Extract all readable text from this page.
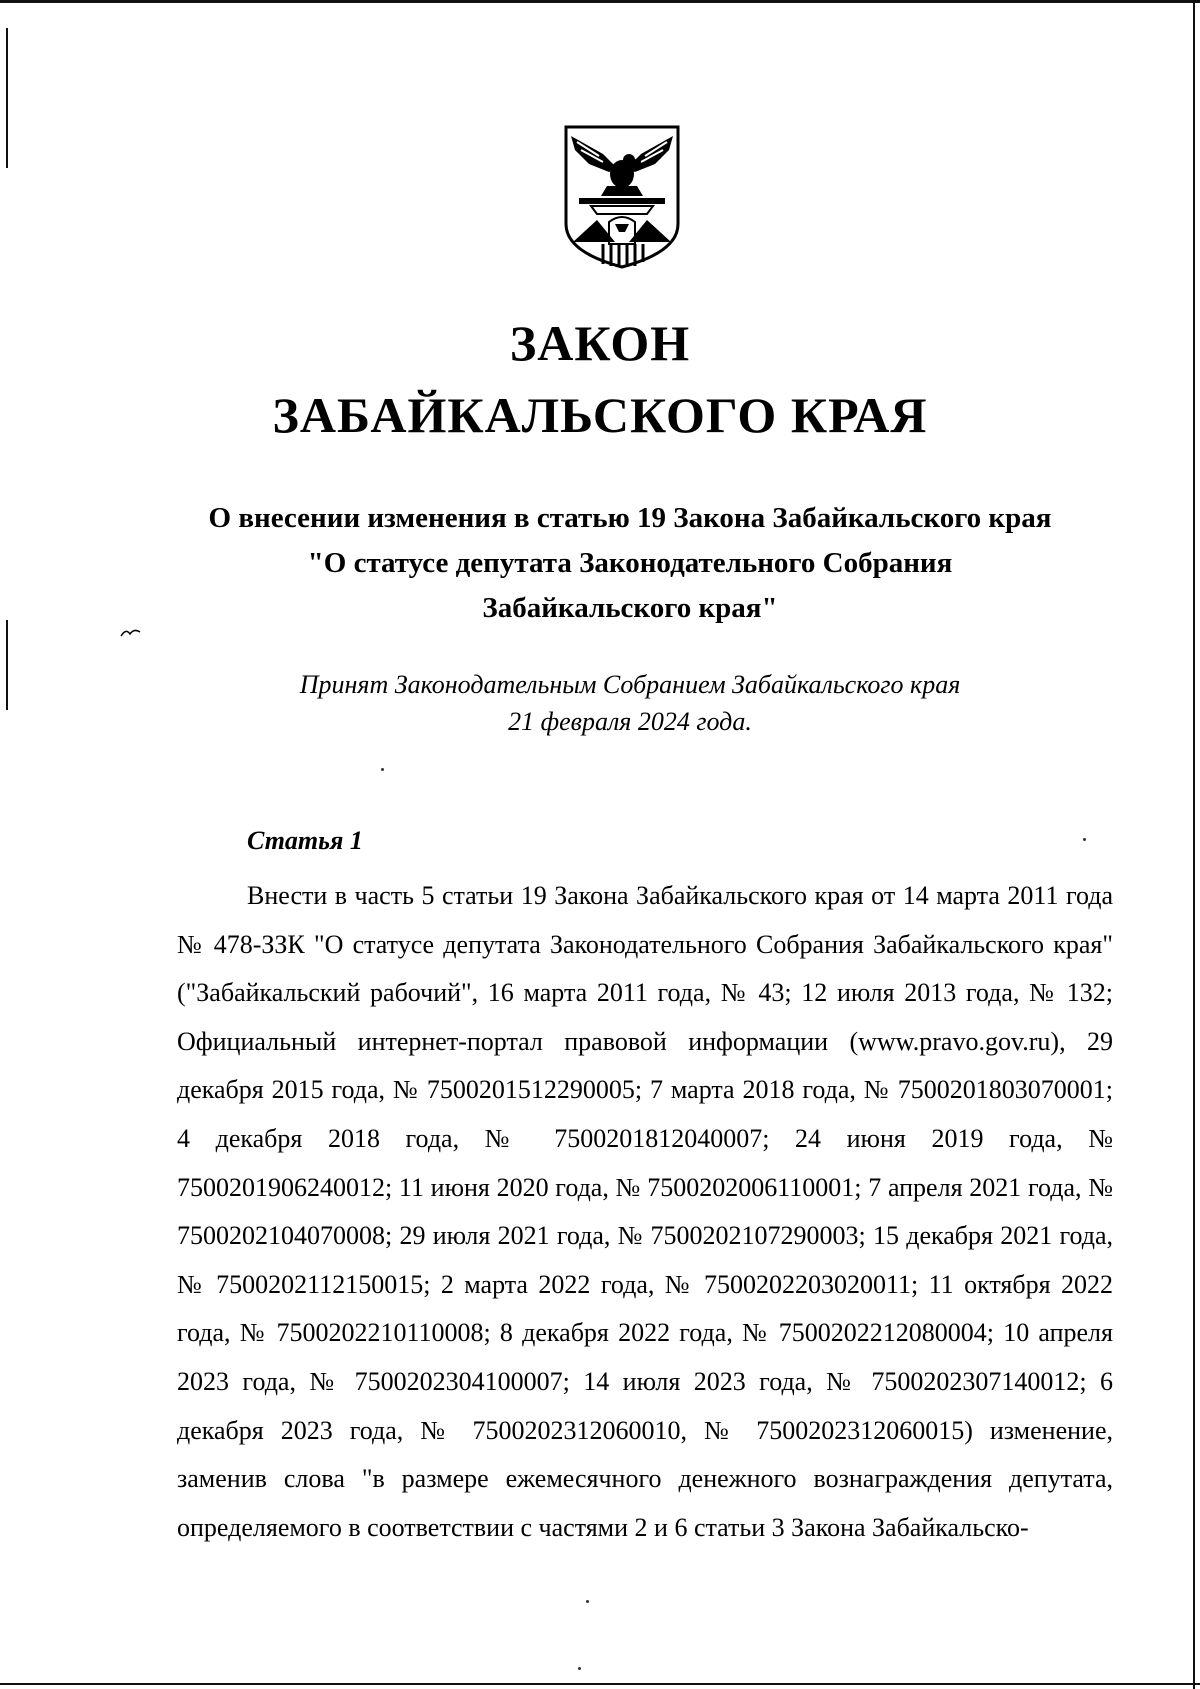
ЗАКОН
ЗАБАЙКАЛЬСКОГО КРАЯ
О внесении изменения в статью 19 Закона Забайкальского края
"О статусе депутата Законодательного Собрания
Забайкальского края"
Принят Законодательным Собранием Забайкальского края
21 февраля 2024 года.
Статья 1

Внести в часть 5 статьи 19 Закона Забайкальского края от 14 марта 2011 года № 478-ЗЗК "О статусе депутата Законодательного Собрания Забайкальского края" ("Забайкальский рабочий", 16 марта 2011 года, № 43; 12 июля 2013 года, № 132; Официальный интернет-портал правовой информации (www.pravo.gov.ru), 29 декабря 2015 года, № 7500201512290005; 7 марта 2018 года, № 7500201803070001; 4 декабря 2018 года, № 7500201812040007; 24 июня 2019 года, № 7500201906240012; 11 июня 2020 года, № 7500202006110001; 7 апреля 2021 года, № 7500202104070008; 29 июля 2021 года, № 7500202107290003; 15 декабря 2021 года, № 7500202112150015; 2 марта 2022 года, № 7500202203020011; 11 октября 2022 года, № 7500202210110008; 8 декабря 2022 года, № 7500202212080004; 10 апреля 2023 года, № 7500202304100007; 14 июля 2023 года, № 7500202307140012; 6 декабря 2023 года, № 7500202312060010, № 7500202312060015) изменение, заменив слова "в размере ежемесячного денежного вознаграждения депутата, определяемого в соответствии с частями 2 и 6 статьи 3 Закона Забайкальско-
